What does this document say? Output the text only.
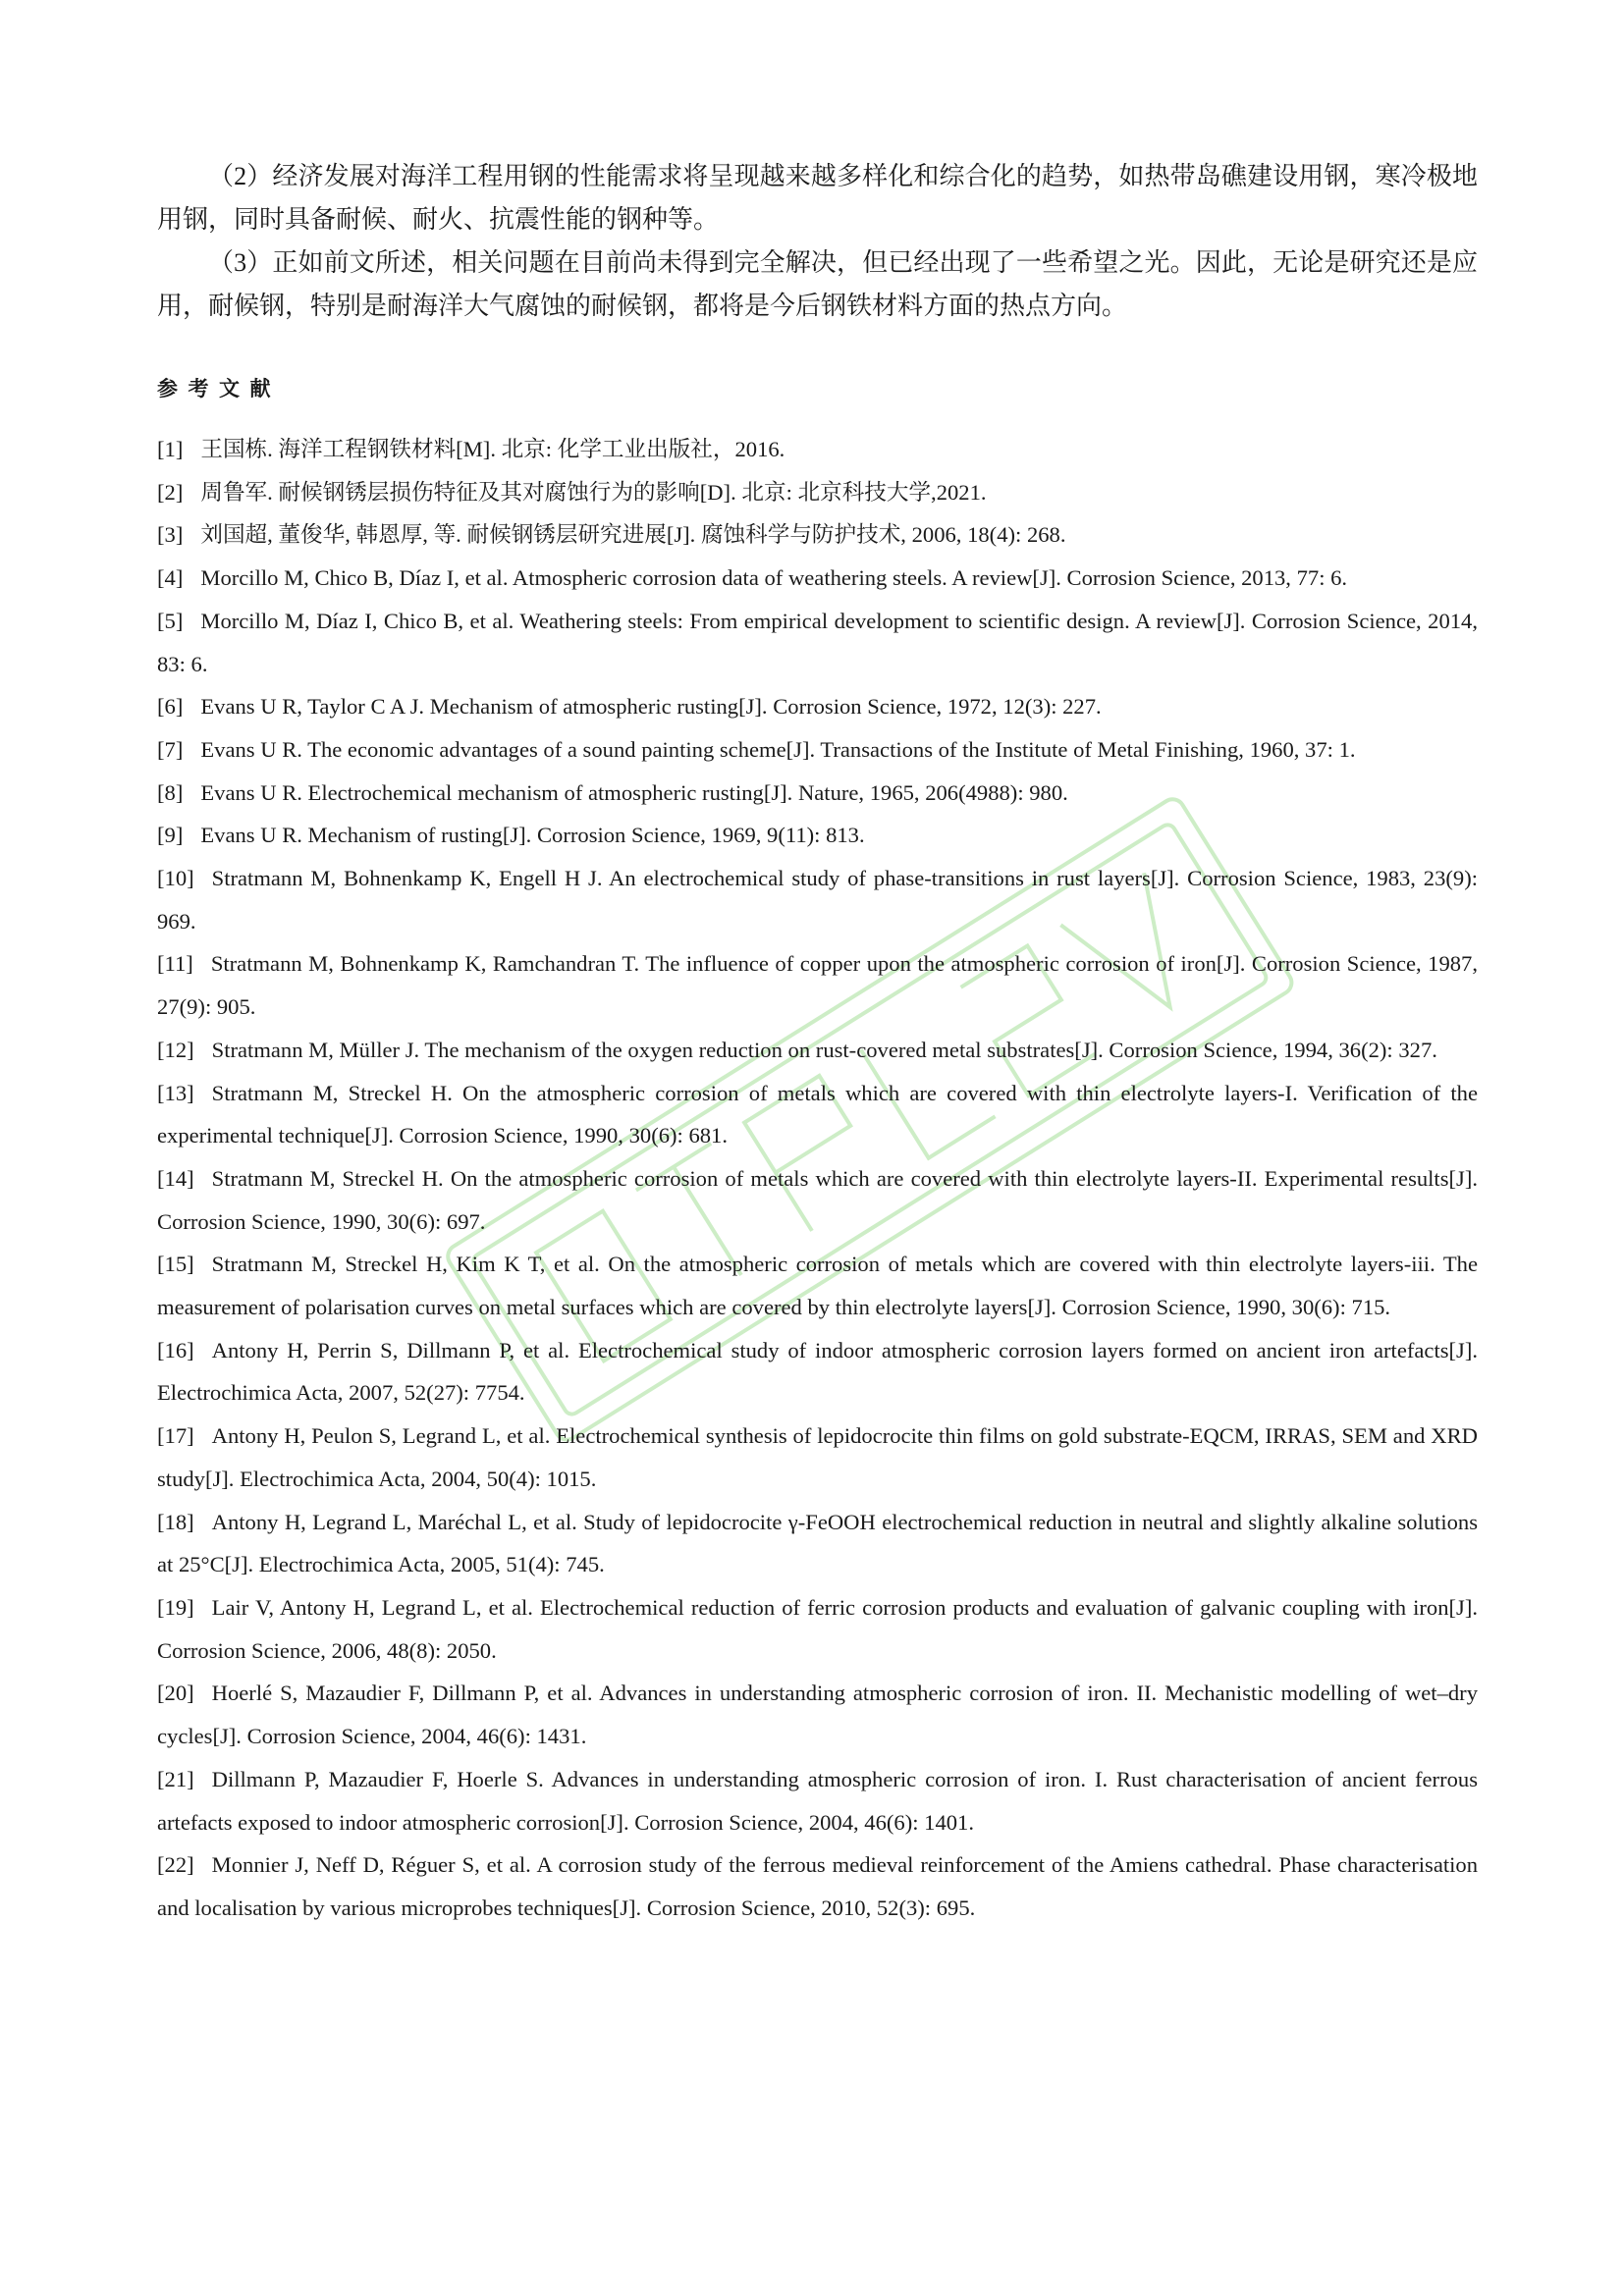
（2）经济发展对海洋工程用钢的性能需求将呈现越来越多样化和综合化的趋势，如热带岛礁建设用钢，寒冷极地用钢，同时具备耐候、耐火、抗震性能的钢种等。

（3）正如前文所述，相关问题在目前尚未得到完全解决，但已经出现了一些希望之光。因此，无论是研究还是应用，耐候钢，特别是耐海洋大气腐蚀的耐候钢，都将是今后钢铁材料方面的热点方向。

参考文献
[1] 王国栋. 海洋工程钢铁材料[M]. 北京: 化学工业出版社，2016.
[2] 周鲁军. 耐候钢锈层损伤特征及其对腐蚀行为的影响[D]. 北京: 北京科技大学,2021.
[3] 刘国超, 董俊华, 韩恩厚, 等. 耐候钢锈层研究进展[J]. 腐蚀科学与防护技术, 2006, 18(4): 268.
[4] Morcillo M, Chico B, Díaz I, et al. Atmospheric corrosion data of weathering steels. A review[J]. Corrosion Science, 2013, 77: 6.
[5] Morcillo M, Díaz I, Chico B, et al. Weathering steels: From empirical development to scientific design. A review[J]. Corrosion Science, 2014, 83: 6.
[6] Evans U R, Taylor C A J. Mechanism of atmospheric rusting[J]. Corrosion Science, 1972, 12(3): 227.
[7] Evans U R. The economic advantages of a sound painting scheme[J]. Transactions of the Institute of Metal Finishing, 1960, 37: 1.
[8] Evans U R. Electrochemical mechanism of atmospheric rusting[J]. Nature, 1965, 206(4988): 980.
[9] Evans U R. Mechanism of rusting[J]. Corrosion Science, 1969, 9(11): 813.
[10] Stratmann M, Bohnenkamp K, Engell H J. An electrochemical study of phase-transitions in rust layers[J]. Corrosion Science, 1983, 23(9): 969.
[11] Stratmann M, Bohnenkamp K, Ramchandran T. The influence of copper upon the atmospheric corrosion of iron[J]. Corrosion Science, 1987, 27(9): 905.
[12] Stratmann M, Müller J. The mechanism of the oxygen reduction on rust-covered metal substrates[J]. Corrosion Science, 1994, 36(2): 327.
[13] Stratmann M, Streckel H. On the atmospheric corrosion of metals which are covered with thin electrolyte layers-I. Verification of the experimental technique[J]. Corrosion Science, 1990, 30(6): 681.
[14] Stratmann M, Streckel H. On the atmospheric corrosion of metals which are covered with thin electrolyte layers-II. Experimental results[J]. Corrosion Science, 1990, 30(6): 697.
[15] Stratmann M, Streckel H, Kim K T, et al. On the atmospheric corrosion of metals which are covered with thin electrolyte layers-iii. The measurement of polarisation curves on metal surfaces which are covered by thin electrolyte layers[J]. Corrosion Science, 1990, 30(6): 715.
[16] Antony H, Perrin S, Dillmann P, et al. Electrochemical study of indoor atmospheric corrosion layers formed on ancient iron artefacts[J]. Electrochimica Acta, 2007, 52(27): 7754.
[17] Antony H, Peulon S, Legrand L, et al. Electrochemical synthesis of lepidocrocite thin films on gold substrate-EQCM, IRRAS, SEM and XRD study[J]. Electrochimica Acta, 2004, 50(4): 1015.
[18] Antony H, Legrand L, Maréchal L, et al. Study of lepidocrocite γ-FeOOH electrochemical reduction in neutral and slightly alkaline solutions at 25°C[J]. Electrochimica Acta, 2005, 51(4): 745.
[19] Lair V, Antony H, Legrand L, et al. Electrochemical reduction of ferric corrosion products and evaluation of galvanic coupling with iron[J]. Corrosion Science, 2006, 48(8): 2050.
[20] Hoerlé S, Mazaudier F, Dillmann P, et al. Advances in understanding atmospheric corrosion of iron. II. Mechanistic modelling of wet–dry cycles[J]. Corrosion Science, 2004, 46(6): 1431.
[21] Dillmann P, Mazaudier F, Hoerle S. Advances in understanding atmospheric corrosion of iron. I. Rust characterisation of ancient ferrous artefacts exposed to indoor atmospheric corrosion[J]. Corrosion Science, 2004, 46(6): 1401.
[22] Monnier J, Neff D, Réguer S, et al. A corrosion study of the ferrous medieval reinforcement of the Amiens cathedral. Phase characterisation and localisation by various microprobes techniques[J]. Corrosion Science, 2010, 52(3): 695.
